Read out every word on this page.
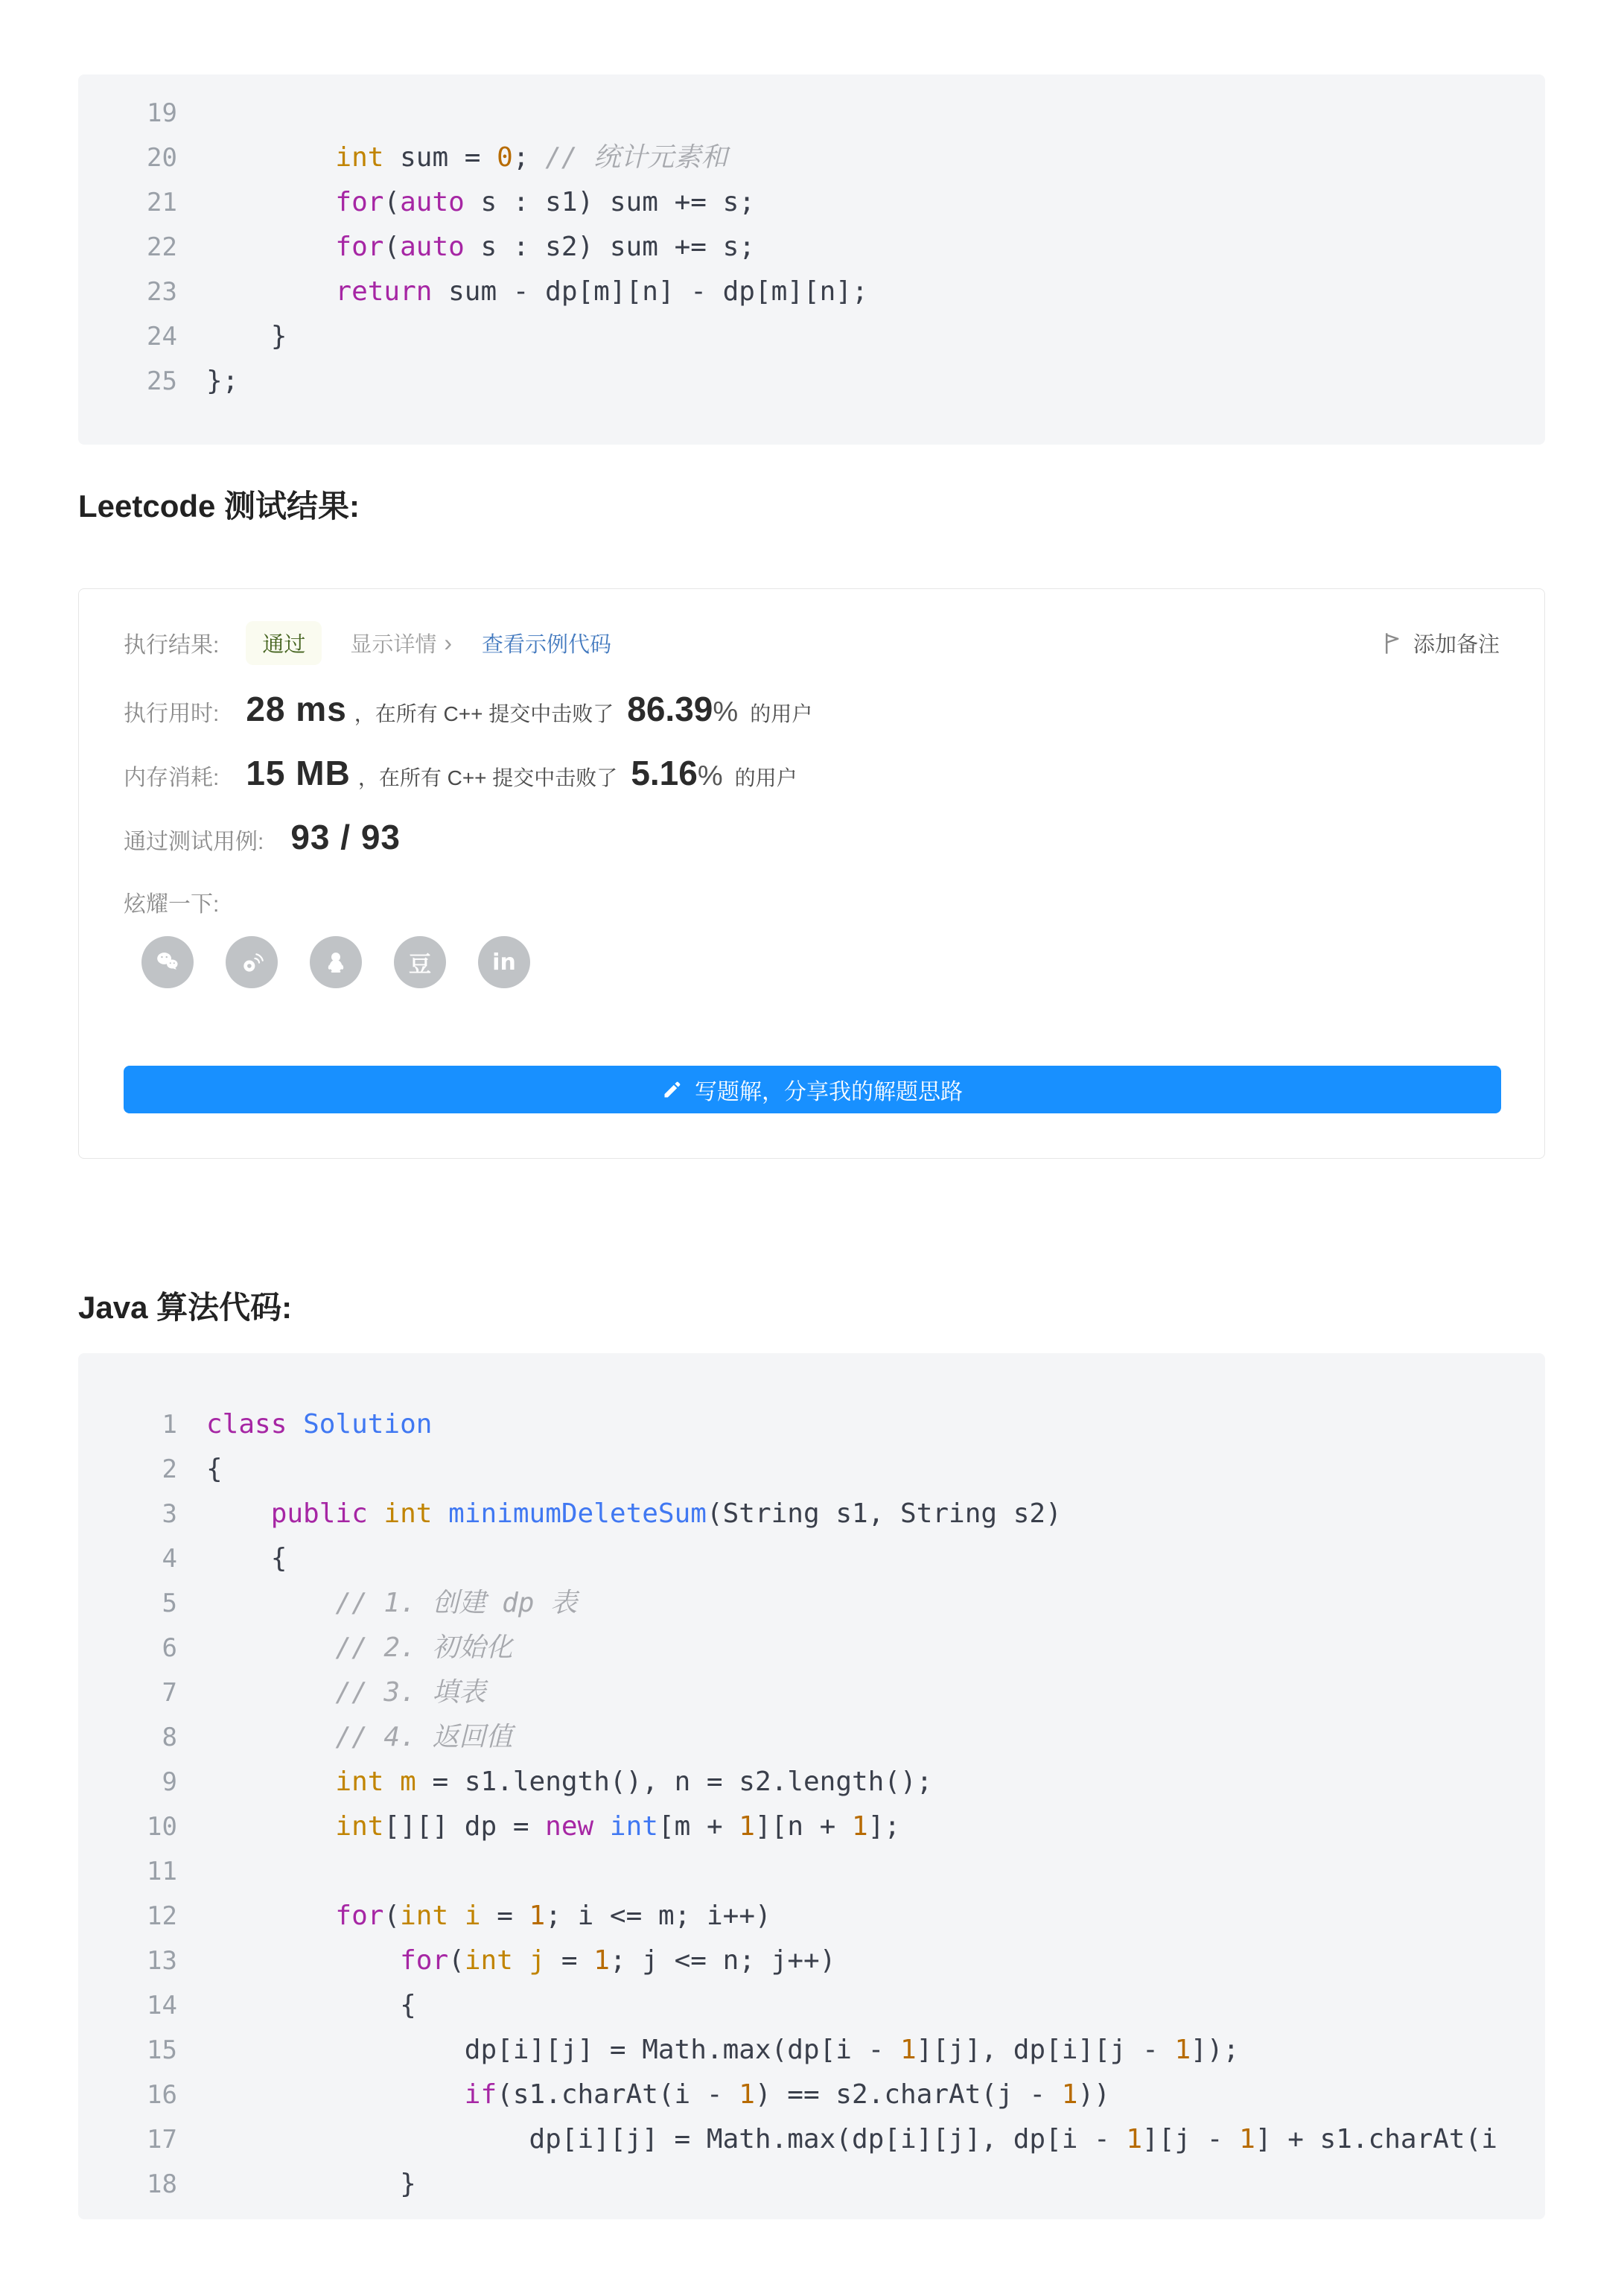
19
20	int sum = 0; // 统计元素和
21	for(auto s : s1) sum += s;
22	for(auto s : s2) sum += s;
23	return sum - dp[m][n] - dp[m][n];
24 }
25 };
Leetcode 测试结果:
执行结果:	通过	显示详情 › 查看示例代码	添加备注
执行用时: 28 ms ，在所有 C++ 提交中击败了 86.39% 的用户
内存消耗: 15 MB ，在所有 C++ 提交中击败了 5.16% 的用户
通过测试用例: 93 / 93
炫耀一下:
豆	in
写题解，分享我的解题思路
Java 算法代码:
1 class Solution
2 {
3	public int minimumDeleteSum(String s1, String s2)
4 {
5	// 1. 创建 dp 表
6	// 2. 初始化
7	// 3. 填表
8	// 4. 返回值
9	int m = s1.length(), n = s2.length();
10	int[][] dp = new int[m + 1][n + 1];
11
12	for(int i = 1; i <= m; i++)
13	for(int j = 1; j <= n; j++)
14 {
15 dp[i][j] = Math.max(dp[i - 1][j], dp[i][j - 1]);
16	if(s1.charAt(i - 1) == s2.charAt(j - 1))
17 dp[i][j] = Math.max(dp[i][j], dp[i - 1][j - 1] + s1.charAt(i
18 }
